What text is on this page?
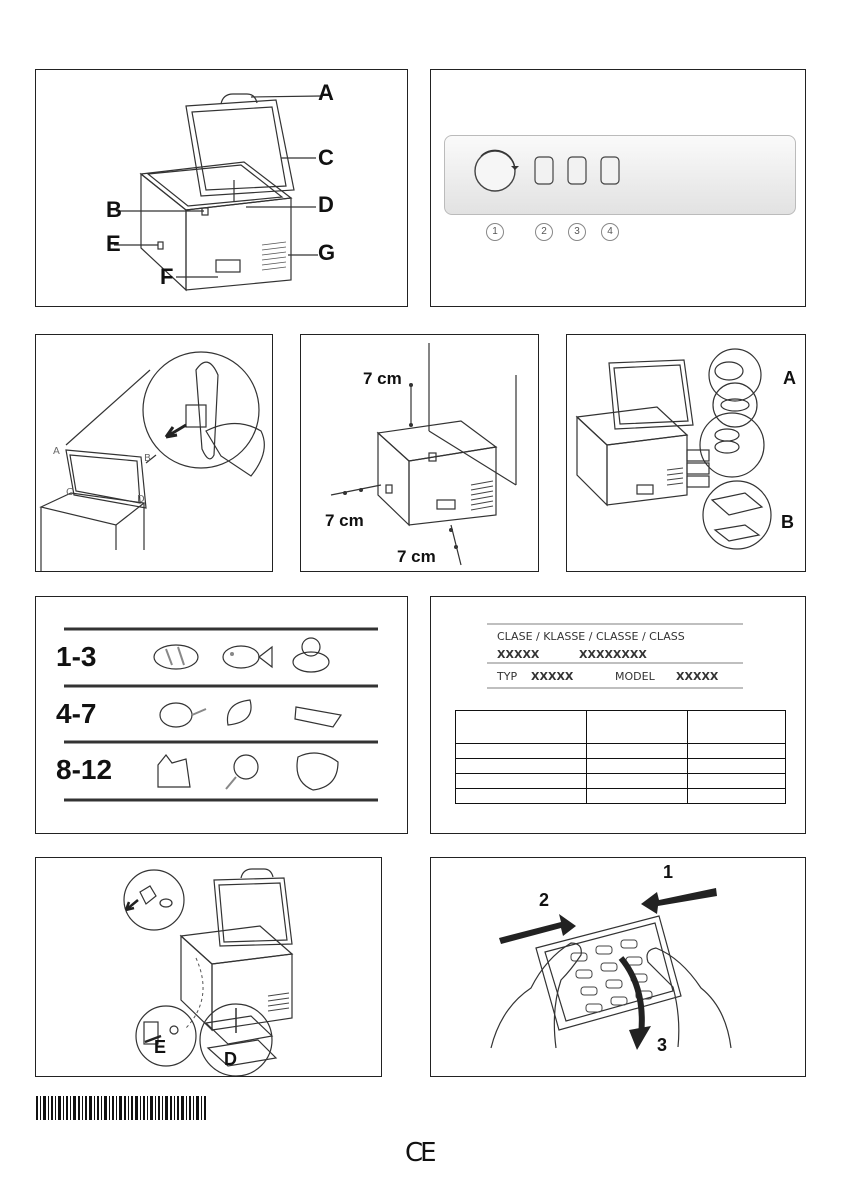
A
C
B	D
E	G
F
1	2	3	4
A
B
C
D
7 cm
7 cm
7 cm
A
B
1-3
4-7
8-12
CLASE / KLASSE / CLASSE / CLASS
XXXXX	XXXXXXXX
TYP XXXXX	MODEL XXXXX

E
D
1
2
3
CE
